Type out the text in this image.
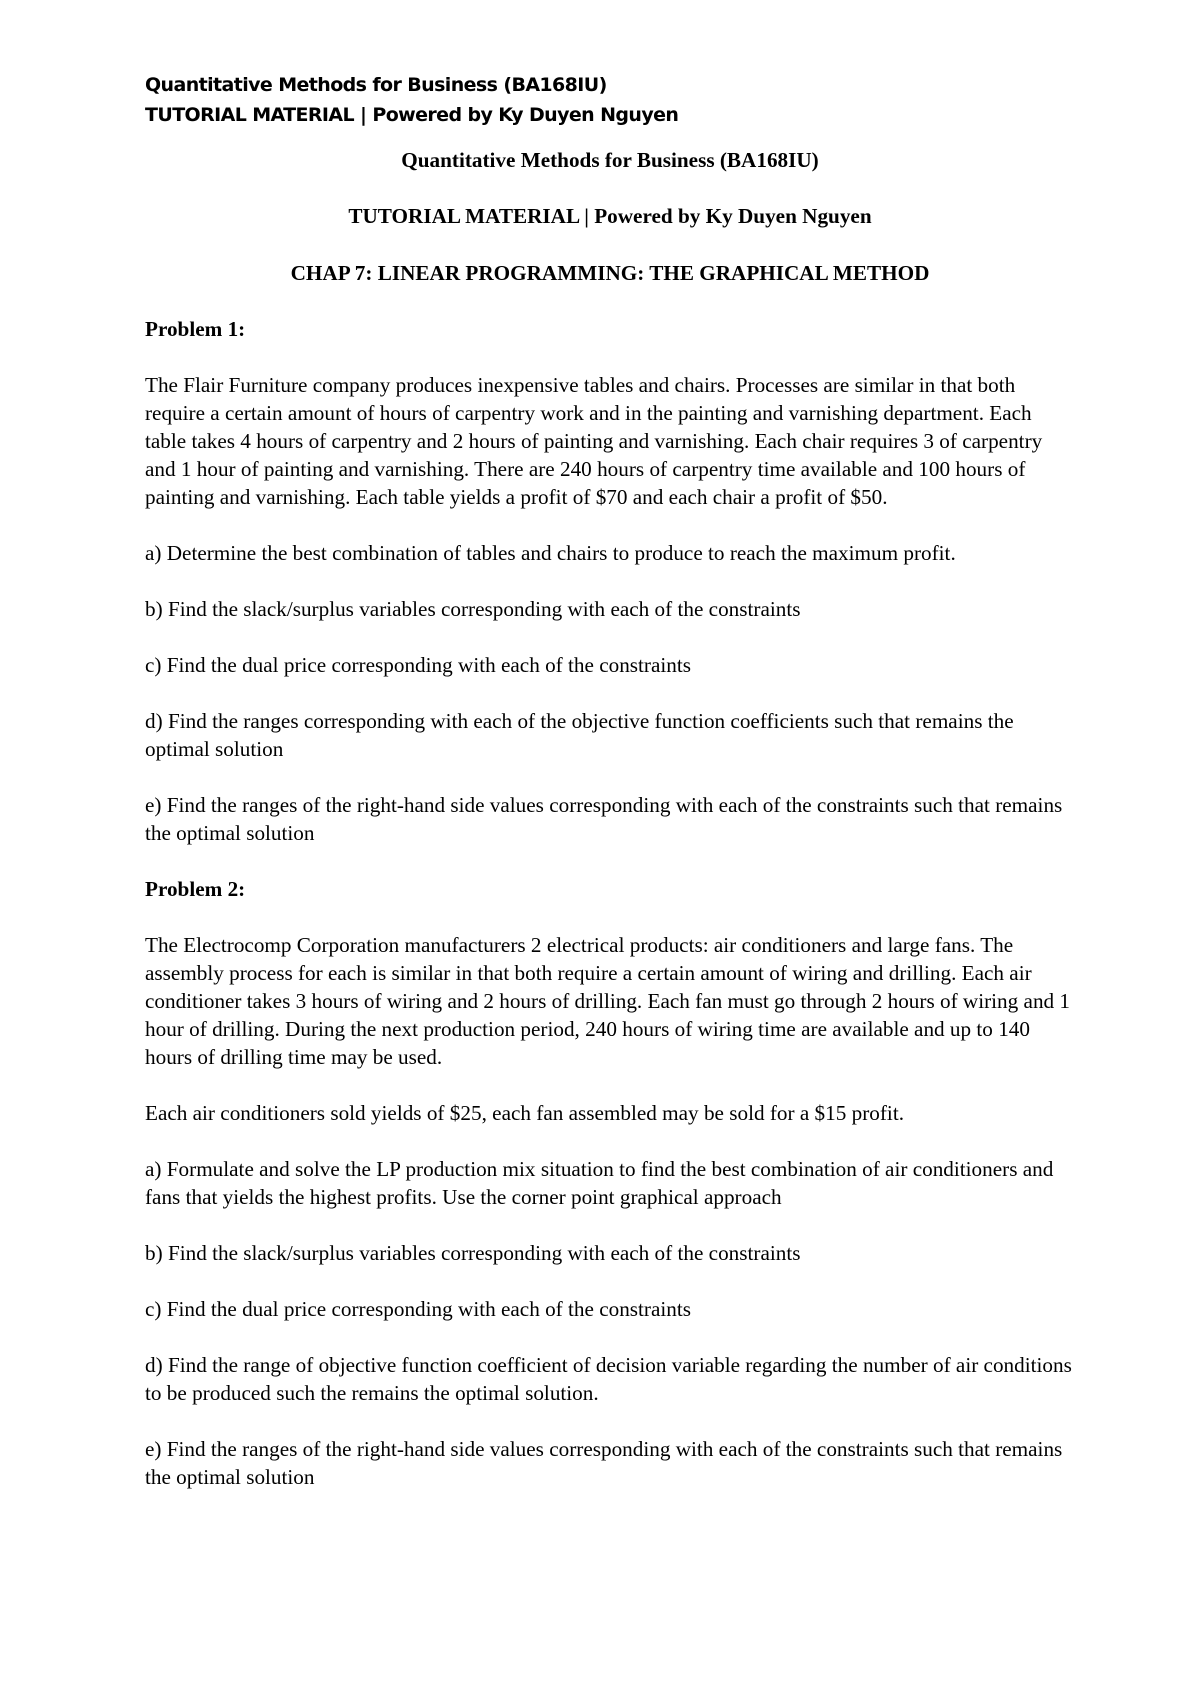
Quantitative Methods for Business (BA168IU)
TUTORIAL MATERIAL | Powered by Ky Duyen Nguyen

Quantitative Methods for Business (BA168IU)

TUTORIAL MATERIAL | Powered by Ky Duyen Nguyen

CHAP 7: LINEAR PROGRAMMING: THE GRAPHICAL METHOD

Problem 1:

The Flair Furniture company produces inexpensive tables and chairs. Processes are similar in that both require a certain amount of hours of carpentry work and in the painting and varnishing department. Each table takes 4 hours of carpentry and 2 hours of painting and varnishing. Each chair requires 3 of carpentry and 1 hour of painting and varnishing. There are 240 hours of carpentry time available and 100 hours of painting and varnishing. Each table yields a profit of $70 and each chair a profit of $50.

a) Determine the best combination of tables and chairs to produce to reach the maximum profit.

b) Find the slack/surplus variables corresponding with each of the constraints

c) Find the dual price corresponding with each of the constraints

d) Find the ranges corresponding with each of the objective function coefficients such that remains the optimal solution

e) Find the ranges of the right-hand side values corresponding with each of the constraints such that remains the optimal solution

Problem 2:

The Electrocomp Corporation manufacturers 2 electrical products: air conditioners and large fans. The assembly process for each is similar in that both require a certain amount of wiring and drilling. Each air conditioner takes 3 hours of wiring and 2 hours of drilling. Each fan must go through 2 hours of wiring and 1 hour of drilling. During the next production period, 240 hours of wiring time are available and up to 140 hours of drilling time may be used.

Each air conditioners sold yields of $25, each fan assembled may be sold for a $15 profit.

a) Formulate and solve the LP production mix situation to find the best combination of air conditioners and fans that yields the highest profits. Use the corner point graphical approach

b) Find the slack/surplus variables corresponding with each of the constraints

c) Find the dual price corresponding with each of the constraints

d) Find the range of objective function coefficient of decision variable regarding the number of air conditions to be produced such the remains the optimal solution.

e) Find the ranges of the right-hand side values corresponding with each of the constraints such that remains the optimal solution
